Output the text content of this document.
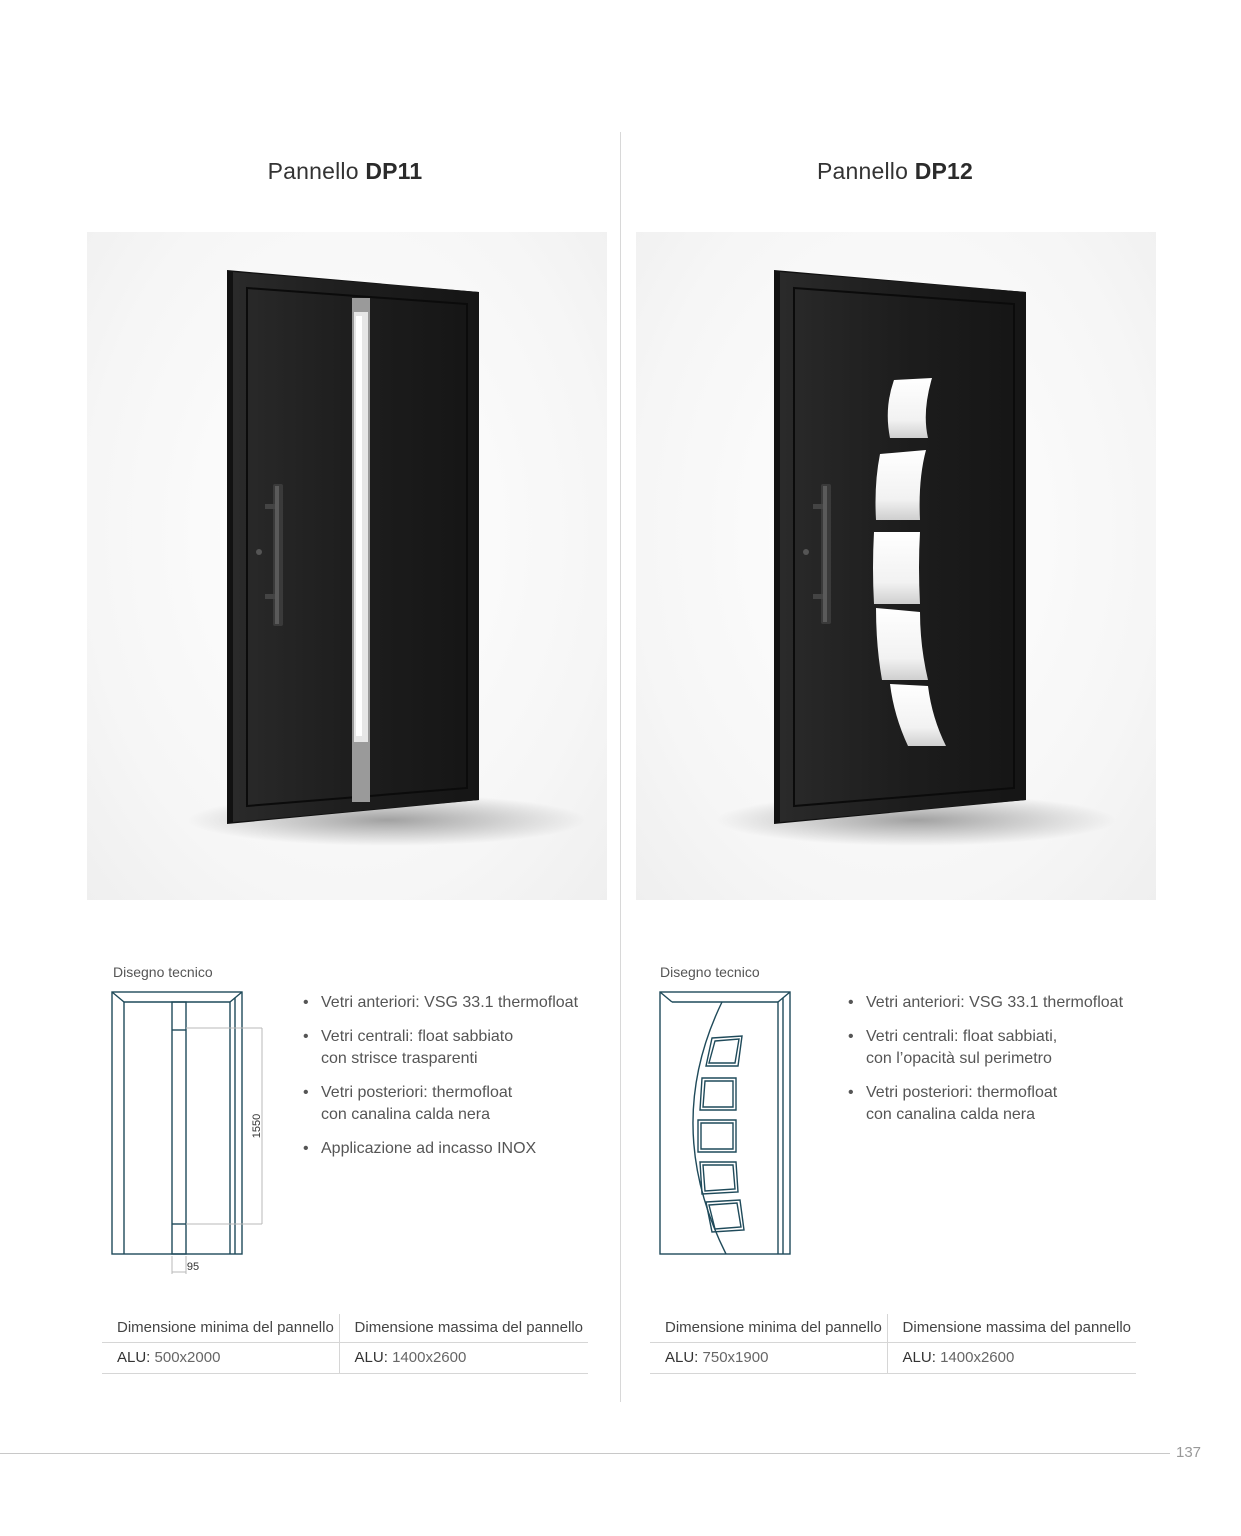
Pannello DP11
Disegno tecnico
1550
95
• Vetri anteriori: VSG 33.1 thermofloat
• Vetri centrali: float sabbiato
con strisce trasparenti
• Vetri posteriori: thermofloat
con canalina calda nera
• Applicazione ad incasso INOX
Dimensione minima del pannello	Dimensione massima del pannello
ALU: 500x2000	ALU: 1400x2600
Pannello DP12
Disegno tecnico
• Vetri anteriori: VSG 33.1 thermofloat
• Vetri centrali: float sabbiati,
con l’opacità sul perimetro
• Vetri posteriori: thermofloat
con canalina calda nera
Dimensione minima del pannello	Dimensione massima del pannello
ALU: 750x1900	ALU: 1400x2600
137
